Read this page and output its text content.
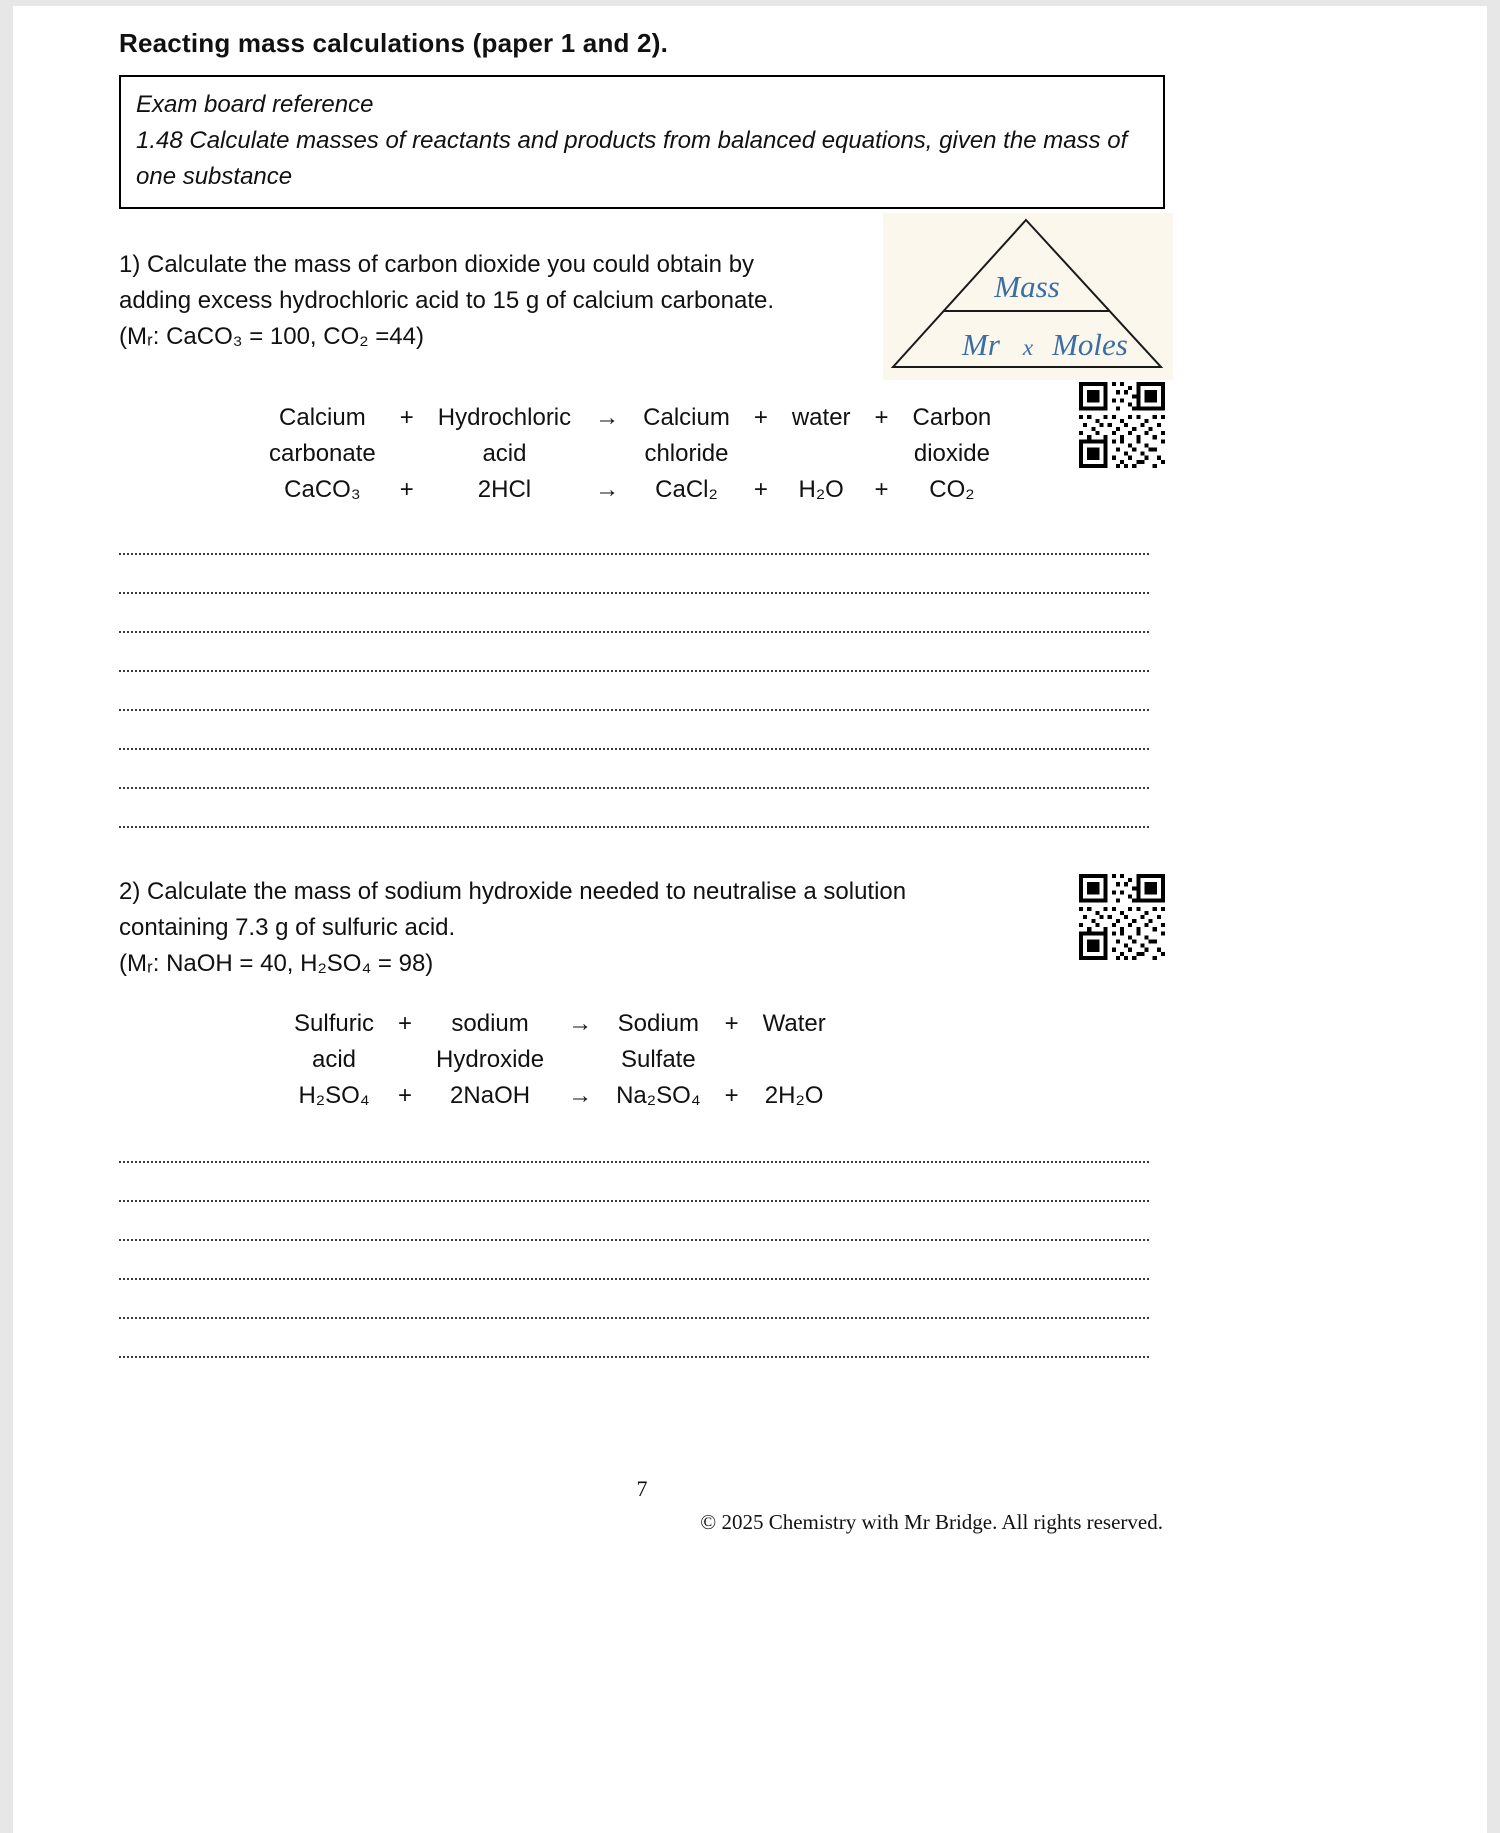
Reacting mass calculations (paper 1 and 2).
Exam board reference
1.48 Calculate masses of reactants and products from balanced equations, given the mass of one substance
1) Calculate the mass of carbon dioxide you could obtain by
adding excess hydrochloric acid to 15 g of calcium carbonate.
(Mᵣ: CaCO₃ = 100, CO₂ =44)
Mass
Mr x Moles
Calcium
carbonate
CaCO₃
+
+
Hydrochloric
acid
2HCl
→
→
Calcium
chloride
CaCl₂
+
+
water
H₂O
+
+
Carbon
dioxide
CO₂
2) Calculate the mass of sodium hydroxide needed to neutralise a solution
containing 7.3 g of sulfuric acid.
(Mᵣ: NaOH = 40, H₂SO₄ = 98)
Sulfuric
acid
H₂SO₄
+
+
sodium
Hydroxide
2NaOH
→
→
Sodium
Sulfate
Na₂SO₄
+
+
Water
2H₂O
7
© 2025 Chemistry with Mr Bridge. All rights reserved.
